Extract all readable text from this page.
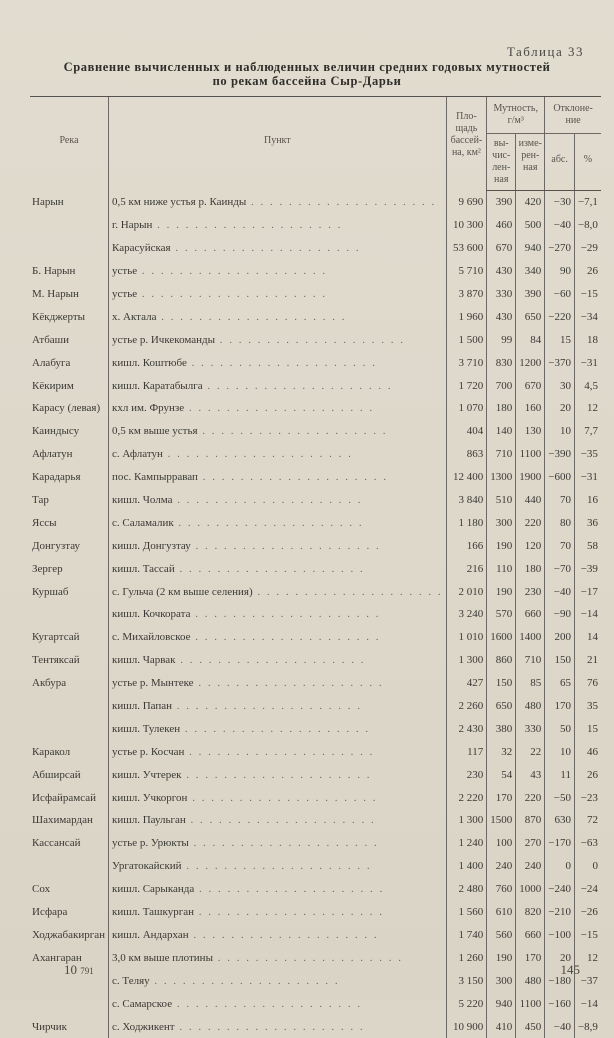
Таблица 33
Сравнение вычисленных и наблюденных величин средних годовых мутностей
по рекам бассейна Сыр-Дарьи
Река	Пункт	Пло-щадь бассей-на, км²	Мутность, г/м³		Отклоне-ние	
			вы-чис-лен-ная	изме-рен-ная	абс.	%
Нарын	0,5 км ниже устья р. Каинды . . . . . . . . . . . . . . . . . . . .	9 690	390	420	−30	−7,1
	г. Нарын . . . . . . . . . . . . . . . . . . . .	10 300	460	500	−40	−8,0
	Карасуйская . . . . . . . . . . . . . . . . . . . .	53 600	670	940	−270	−29
Б. Нарын	устье . . . . . . . . . . . . . . . . . . . .	5 710	430	340	90	26
М. Нарын	устье . . . . . . . . . . . . . . . . . . . .	3 870	330	390	−60	−15
Кёкджерты	х. Актала . . . . . . . . . . . . . . . . . . . .	1 960	430	650	−220	−34
Атбаши	устье р. Ичкекоманды . . . . . . . . . . . . . . . . . . . .	1 500	99	84	15	18
Алабуга	кишл. Коштюбе . . . . . . . . . . . . . . . . . . . .	3 710	830	1200	−370	−31
Кёкирим	кишл. Каратабылга . . . . . . . . . . . . . . . . . . . .	1 720	700	670	30	4,5
Карасу (левая)	кхл им. Фрунзе . . . . . . . . . . . . . . . . . . . .	1 070	180	160	20	12
Каиндысу	0,5 км выше устья . . . . . . . . . . . . . . . . . . . .	404	140	130	10	7,7
Афлатун	с. Афлатун . . . . . . . . . . . . . . . . . . . .	863	710	1100	−390	−35
Карадарья	пос. Кампырравап . . . . . . . . . . . . . . . . . . . .	12 400	1300	1900	−600	−31
Тар	кишл. Чолма . . . . . . . . . . . . . . . . . . . .	3 840	510	440	70	16
Ясcы	с. Саламалик . . . . . . . . . . . . . . . . . . . .	1 180	300	220	80	36
Донгузтау	кишл. Донгузтау . . . . . . . . . . . . . . . . . . . .	166	190	120	70	58
Зергер	кишл. Тассай . . . . . . . . . . . . . . . . . . . .	216	110	180	−70	−39
Куршаб	с. Гульча (2 км выше селения) . . . . . . . . . . . . . . . . . . . .	2 010	190	230	−40	−17
	кишл. Кочкората . . . . . . . . . . . . . . . . . . . .	3 240	570	660	−90	−14
Кугартсай	с. Михайловское . . . . . . . . . . . . . . . . . . . .	1 010	1600	1400	200	14
Тентяксай	кишл. Чарвак . . . . . . . . . . . . . . . . . . . .	1 300	860	710	150	21
Акбура	устье р. Мынтеке . . . . . . . . . . . . . . . . . . . .	427	150	85	65	76
	кишл. Папан . . . . . . . . . . . . . . . . . . . .	2 260	650	480	170	35
	кишл. Тулекен . . . . . . . . . . . . . . . . . . . .	2 430	380	330	50	15
Каракол	устье р. Косчан . . . . . . . . . . . . . . . . . . . .	117	32	22	10	46
Абширсай	кишл. Учтерек . . . . . . . . . . . . . . . . . . . .	230	54	43	11	26
Исфайрамсай	кишл. Учкоргон . . . . . . . . . . . . . . . . . . . .	2 220	170	220	−50	−23
Шахимардан	кишл. Паульган . . . . . . . . . . . . . . . . . . . .	1 300	1500	870	630	72
Кассансай	устье р. Урюкты . . . . . . . . . . . . . . . . . . . .	1 240	100	270	−170	−63
	Ургатокайский . . . . . . . . . . . . . . . . . . . .	1 400	240	240	0	0
Сох	кишл. Сарыканда . . . . . . . . . . . . . . . . . . . .	2 480	760	1000	−240	−24
Исфара	кишл. Ташкурган . . . . . . . . . . . . . . . . . . . .	1 560	610	820	−210	−26
Ходжабакирган	кишл. Андархан . . . . . . . . . . . . . . . . . . . .	1 740	560	660	−100	−15
Ахангаран	3,0 км выше плотины . . . . . . . . . . . . . . . . . . . .	1 260	190	170	20	12
	с. Теляу . . . . . . . . . . . . . . . . . . . .	3 150	300	480	−180	−37
	с. Самарское . . . . . . . . . . . . . . . . . . . .	5 220	940	1100	−160	−14
Чирчик	с. Ходжикент . . . . . . . . . . . . . . . . . . . .	10 900	410	450	−40	−8,9
10 791	145
